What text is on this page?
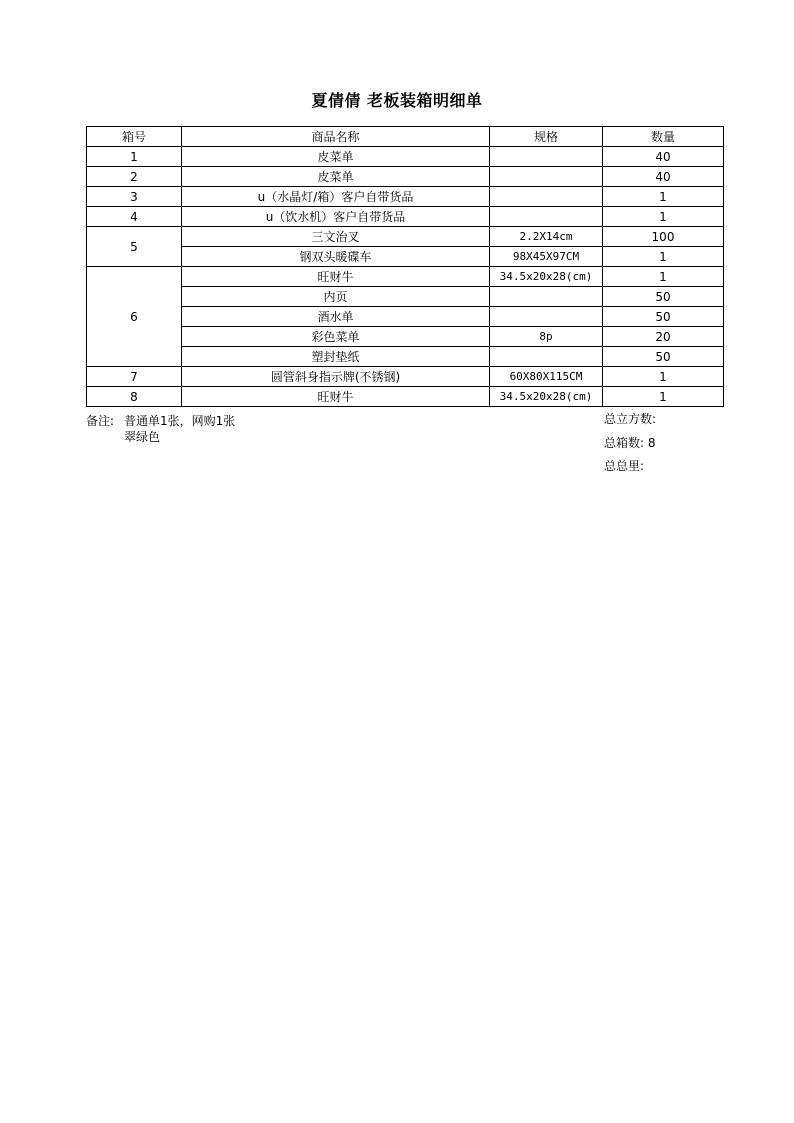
夏倩倩 老板装箱明细单
箱号	商品名称	规格	数量
1	皮菜单		40
2	皮菜单		40
3	u（水晶灯/箱）客户自带货品		1
4	u（饮水机）客户自带货品		1
5	三文治叉	2.2X14cm	100
	钢双头暖碟车	98X45X97CM	1
6	旺财牛	34.5x20x28(cm)	1
	内页		50
	酒水单		50
	彩色菜单	8p	20
	塑封垫纸		50
7	圆管斜身指示牌(不锈钢)	60X80X115CM	1
8	旺财牛	34.5x20x28(cm)	1
备注: 普通单1张，网购1张
翠绿色
总立方数:
总箱数: 8
总总里:
